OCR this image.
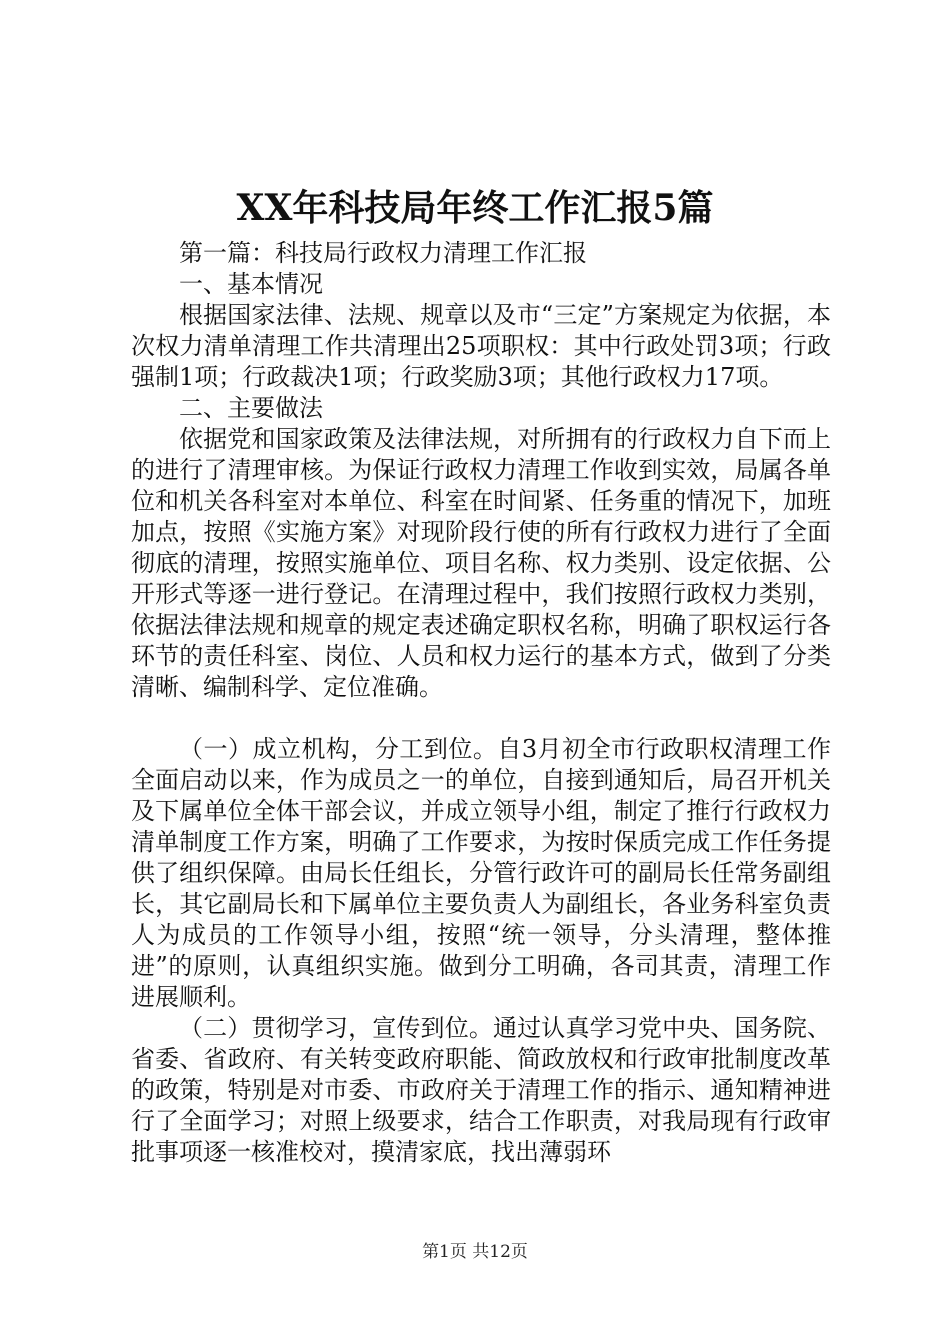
XX年科技局年终工作汇报5篇

第一篇：科技局行政权力清理工作汇报

一、基本情况

根据国家法律、法规、规章以及市“三定”方案规定为依据，本次权力清单清理工作共清理出25项职权：其中行政处罚3项；行政强制1项；行政裁决1项；行政奖励3项；其他行政权力17项。

二、主要做法

依据党和国家政策及法律法规，对所拥有的行政权力自下而上的进行了清理审核。为保证行政权力清理工作收到实效，局属各单位和机关各科室对本单位、科室在时间紧、任务重的情况下，加班加点，按照《实施方案》对现阶段行使的所有行政权力进行了全面彻底的清理，按照实施单位、项目名称、权力类别、设定依据、公开形式等逐一进行登记。在清理过程中，我们按照行政权力类别，依据法律法规和规章的规定表述确定职权名称，明确了职权运行各环节的责任科室、岗位、人员和权力运行的基本方式，做到了分类清晰、编制科学、定位准确。

（一）成立机构，分工到位。自3月初全市行政职权清理工作全面启动以来，作为成员之一的单位，自接到通知后，局召开机关及下属单位全体干部会议，并成立领导小组，制定了推行行政权力清单制度工作方案，明确了工作要求，为按时保质完成工作任务提供了组织保障。由局长任组长，分管行政许可的副局长任常务副组长，其它副局长和下属单位主要负责人为副组长，各业务科室负责人为成员的工作领导小组，按照“统一领导，分头清理，整体推进”的原则，认真组织实施。做到分工明确，各司其责，清理工作进展顺利。

（二）贯彻学习，宣传到位。通过认真学习党中央、国务院、省委、省政府、有关转变政府职能、简政放权和行政审批制度改革的政策，特别是对市委、市政府关于清理工作的指示、通知精神进行了全面学习；对照上级要求，结合工作职责，对我局现有行政审批事项逐一核准校对，摸清家底，找出薄弱环

第1页 共12页
